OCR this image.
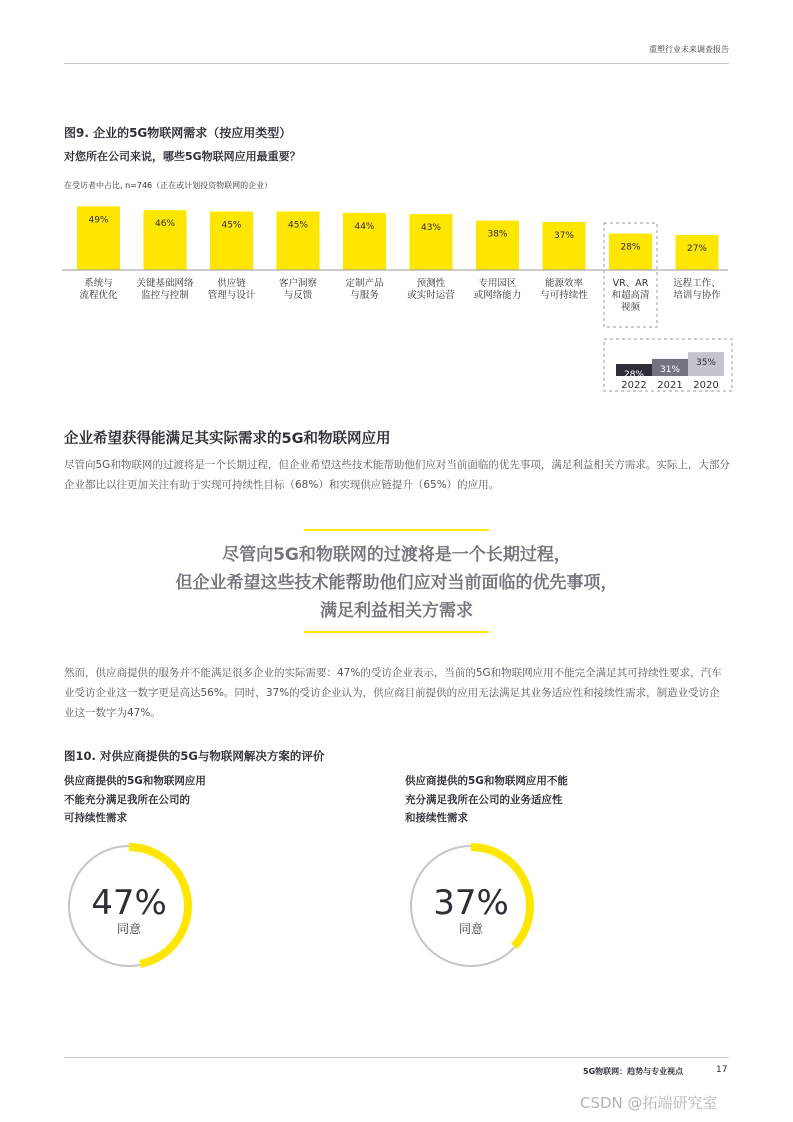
重塑行业未来调查报告
图9. 企业的5G物联网需求（按应用类型）
对您所在公司来说，哪些5G物联网应用最重要？
在受访者中占比, n=746（正在或计划投资物联网的企业）
49%
系统与
流程优化
46%
关键基础网络
监控与控制
45%
供应链
管理与设计
45%
客户洞察
与反馈
44%
定制产品
与服务
43%
预测性
或实时运营
38%
专用园区
或网络能力
37%
能源效率
与可持续性
28%
VR、AR
和超高清
视频
27%
远程工作、
培训与协作
28%
2022
31%
2021
35%
2020
企业希望获得能满足其实际需求的5G和物联网应用
尽管向5G和物联网的过渡将是一个长期过程，但企业希望这些技术能帮助他们应对当前面临的优先事项，满足利益相关方需求。实际上，大部分企业都比以往更加关注有助于实现可持续性目标（68%）和实现供应链提升（65%）的应用。
尽管向5G和物联网的过渡将是一个长期过程，
但企业希望这些技术能帮助他们应对当前面临的优先事项，
满足利益相关方需求
然而，供应商提供的服务并不能满足很多企业的实际需要：47%的受访企业表示，当前的5G和物联网应用不能完全满足其可持续性要求，汽车业受访企业这一数字更是高达56%。同时，37%的受访企业认为，供应商目前提供的应用无法满足其业务适应性和接续性需求，制造业受访企业这一数字为47%。
图10. 对供应商提供的5G与物联网解决方案的评价
供应商提供的5G和物联网应用
不能充分满足我所在公司的
可持续性需求
供应商提供的5G和物联网应用不能
充分满足我所在公司的业务适应性
和接续性需求
47%
同意
37%
同意
5G物联网：趋势与专业视点	17
CSDN @拓端研究室
